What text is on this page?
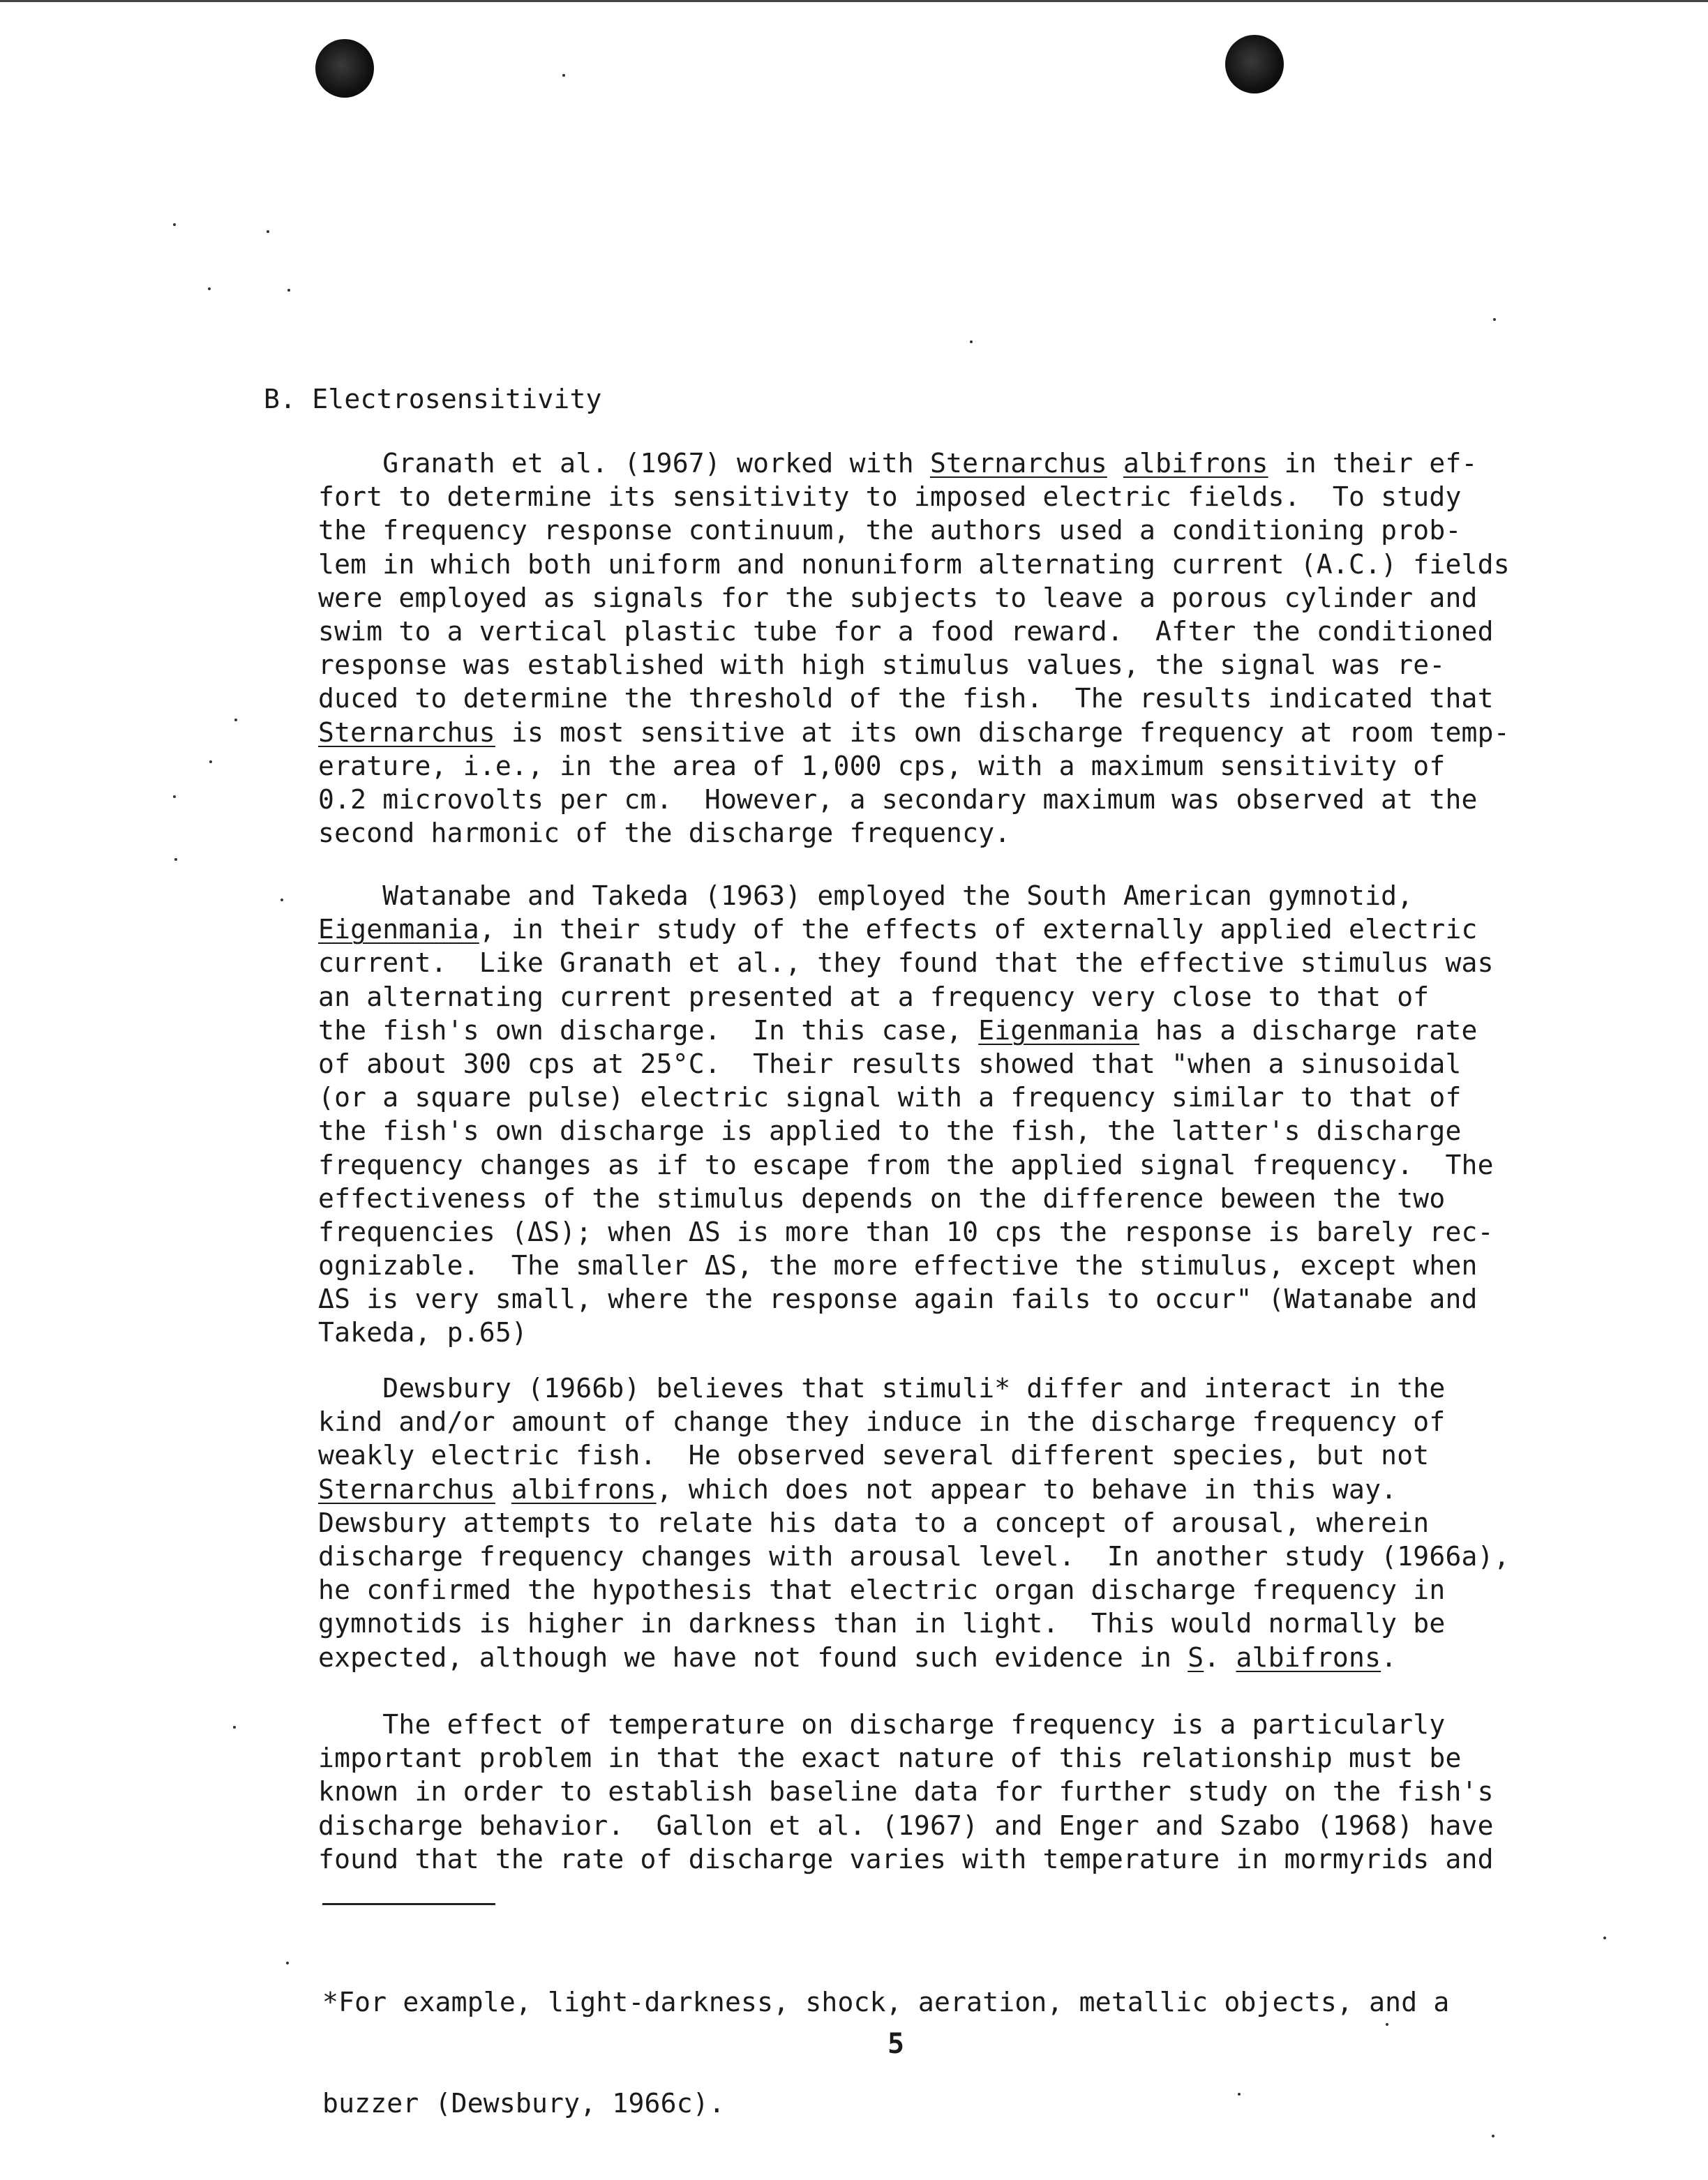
B. Electrosensitivity

Granath et al. (1967) worked with Sternarchus albifrons in their ef-
fort to determine its sensitivity to imposed electric fields.  To study
the frequency response continuum, the authors used a conditioning prob-
lem in which both uniform and nonuniform alternating current (A.C.) fields
were employed as signals for the subjects to leave a porous cylinder and
swim to a vertical plastic tube for a food reward.  After the conditioned
response was established with high stimulus values, the signal was re-
duced to determine the threshold of the fish.  The results indicated that
Sternarchus is most sensitive at its own discharge frequency at room temp-
erature, i.e., in the area of 1,000 cps, with a maximum sensitivity of
0.2 microvolts per cm.  However, a secondary maximum was observed at the
second harmonic of the discharge frequency.

Watanabe and Takeda (1963) employed the South American gymnotid,
Eigenmania, in their study of the effects of externally applied electric
current.  Like Granath et al., they found that the effective stimulus was
an alternating current presented at a frequency very close to that of
the fish's own discharge.  In this case, Eigenmania has a discharge rate
of about 300 cps at 25°C.  Their results showed that "when a sinusoidal
(or a square pulse) electric signal with a frequency similar to that of
the fish's own discharge is applied to the fish, the latter's discharge
frequency changes as if to escape from the applied signal frequency.  The
effectiveness of the stimulus depends on the difference beween the two
frequencies (ΔS); when ΔS is more than 10 cps the response is barely rec-
ognizable.  The smaller ΔS, the more effective the stimulus, except when
ΔS is very small, where the response again fails to occur" (Watanabe and
Takeda, p.65)

Dewsbury (1966b) believes that stimuli* differ and interact in the
kind and/or amount of change they induce in the discharge frequency of
weakly electric fish.  He observed several different species, but not
Sternarchus albifrons, which does not appear to behave in this way.
Dewsbury attempts to relate his data to a concept of arousal, wherein
discharge frequency changes with arousal level.  In another study (1966a),
he confirmed the hypothesis that electric organ discharge frequency in
gymnotids is higher in darkness than in light.  This would normally be
expected, although we have not found such evidence in S. albifrons.

The effect of temperature on discharge frequency is a particularly
important problem in that the exact nature of this relationship must be
known in order to establish baseline data for further study on the fish's
discharge behavior.  Gallon et al. (1967) and Enger and Szabo (1968) have
found that the rate of discharge varies with temperature in mormyrids and

*For example, light-darkness, shock, aeration, metallic objects, and a

buzzer (Dewsbury, 1966c).

5
